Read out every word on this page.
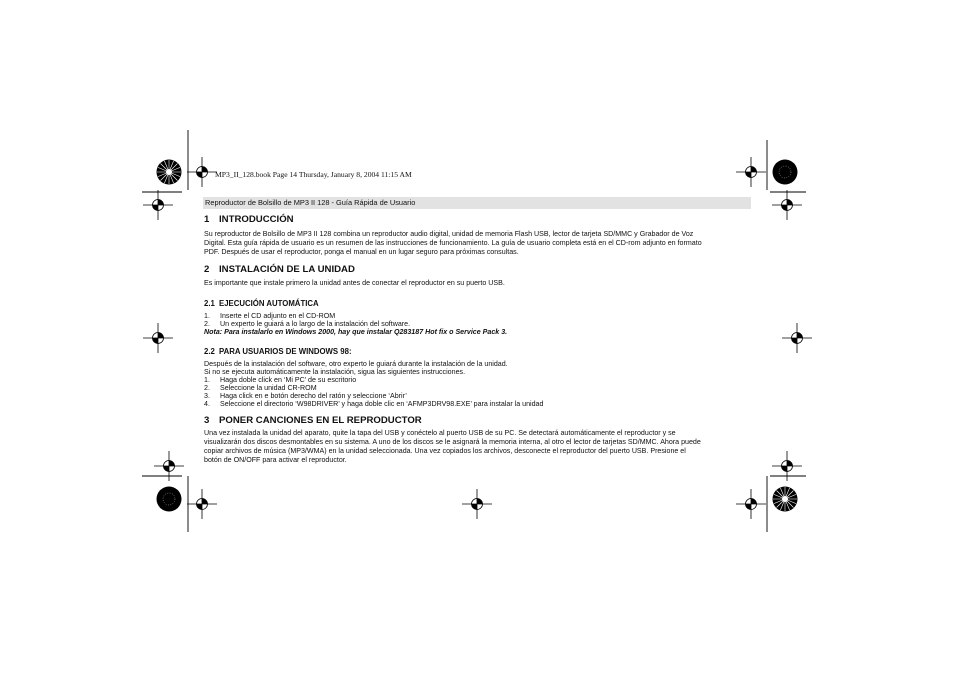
MP3_II_128.book Page 14 Thursday, January 8, 2004 11:15 AM
Reproductor de Bolsillo de MP3 II 128 - Guía Rápida de Usuario
1	INTRODUCCIÓN

Su reproductor de Bolsillo de MP3 II 128 combina un reproductor audio digital, unidad de memoria Flash USB, lector de tarjeta SD/MMC y Grabador de Voz

Digital. Esta guía rápida de usuario es un resumen de las instrucciones de funcionamiento. La guía de usuario completa está en el CD-rom adjunto en formato

PDF. Después de usar el reproductor, ponga el manual en un lugar seguro para próximas consultas.

2	INSTALACIÓN DE LA UNIDAD

Es importante que instale primero la unidad antes de conectar el reproductor en su puerto USB.

2.1 EJECUCIÓN AUTOMÁTICA
1.	Inserte el CD adjunto en el CD-ROM
2.	Un experto le guiará a lo largo de la instalación del software.

Nota: Para instalarlo en Windows 2000, hay que instalar Q283187 Hot fix o Service Pack 3.

2.2 PARA USUARIOS DE WINDOWS 98:

Después de la instalación del software, otro experto le guiará durante la instalación de la unidad.

Si no se ejecuta automáticamente la instalación, sigua las siguientes instrucciones.

1.	Haga doble click en ‘Mi PC’ de su escritorio
2.	Seleccione la unidad CR-ROM
3.	Haga click en e botón derecho del ratón y seleccione ‘Abrir’
4.	Seleccione el directorio ‘W98DRIVER’ y haga doble clic en ‘AFMP3DRV98.EXE’ para instalar la unidad
3	PONER CANCIONES EN EL REPRODUCTOR

Una vez instalada la unidad del aparato, quite la tapa del USB y conéctelo al puerto USB de su PC. Se detectará automáticamente el reproductor y se

visualizarán dos discos desmontables en su sistema. A uno de los discos se le asignará la memoria interna, al otro el lector de tarjetas SD/MMC. Ahora puede

copiar archivos de música (MP3/WMA) en la unidad seleccionada. Una vez copiados los archivos, desconecte el reproductor del puerto USB. Presione el

botón de ON/OFF para activar el reproductor.
